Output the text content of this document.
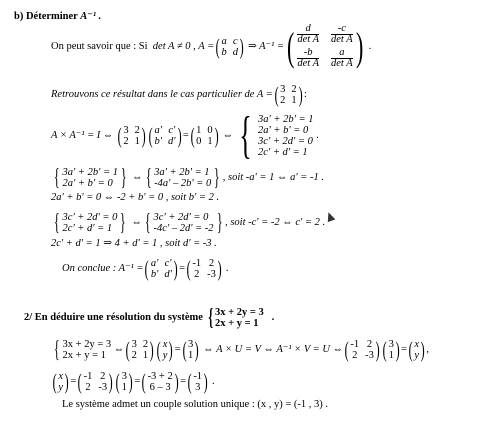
b) Déterminer A⁻¹ .
On peut savoir que : Si
det A ≠ 0 , A = ( a c
b d )
⇒ A⁻¹ = ( $\frac{d}{\text{det A}} \frac{-c}{\text{det A}}$
$\frac{-b}{\text{det A}} \frac{a}{\text{det A}}$ )
.
Retrouvons ce résultat dans le cas particulier de A = ( 3 2
2 1 ) :
A × A⁻¹ = I ⇔
( 3 2
2 1 ) ( a' c'
b' d' ) = ( 1 0
0 1 )
⇔ { 3a' + 2b' = 1
2a' + b' = 0
3c' + 2d' = 0
2c' + d' = 1

.
{ 3a' + 2b' = 1
2a' + b' = 0 }
⇔ { 3a' + 2b' = 1
-4a' – 2b' = 0 } , soit -a' = 1 ⇔ a' = -1 .
2a' + b' = 0 ⇔ -2 + b' = 0 , soit b' = 2 .
{ 3c' + 2d' = 0
2c' + d' = 1 }
⇔ { 3c' + 2d' = 0
-4c' – 2d' = -2 } , soit -c' = -2 ⇔ c' = 2 .
2c' + d' = 1 ⇒ 4 + d' = 1 , soit d' = -3 .
On conclue : A⁻¹ = ( a' c'
b' d' ) = ( -1 2
2 -3 )
.
2/ En déduire une résolution du système
{ 3x + 2y = 3
2x + y = 1

.
{ 3x + 2y = 3
2x + y = 1

⇔ ( 3 2
2 1 ) ( x
y ) = ( 3
1 )
⇔ A × U = V ⇔ A⁻¹ × V = U ⇔ ( -1 2
2 -3 ) ( 3
1 ) = ( x
y ) ,
( x
y ) = ( -1 2
2 -3 ) ( 3
1 ) = ( -3 + 2
6 – 3 ) = ( -1
3 )
.
Le système admet un couple solution unique : (x , y) = (-1 , 3) .
